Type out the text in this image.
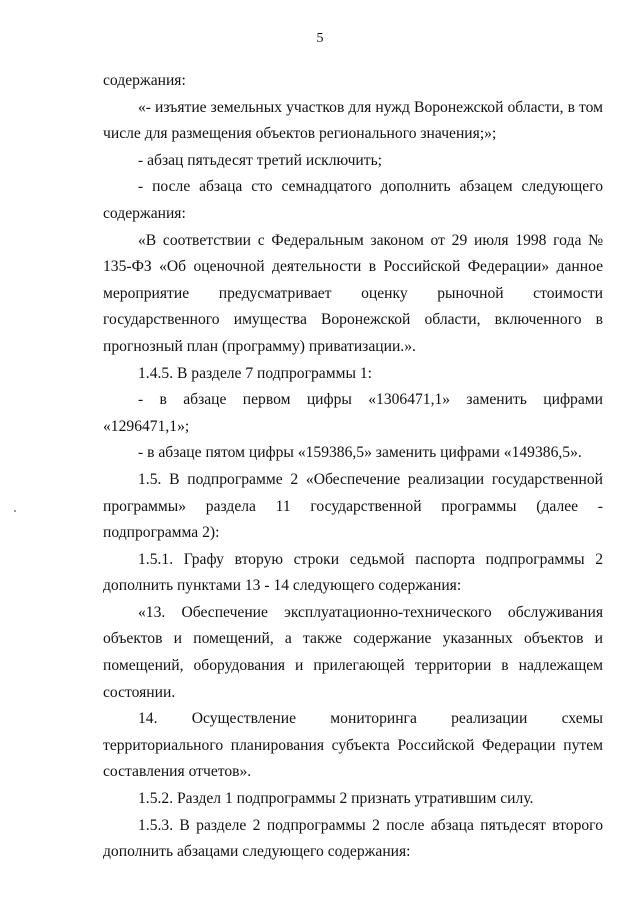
5

содержания:

«- изъятие земельных участков для нужд Воронежской области, в том числе для размещения объектов регионального значения;»;

- абзац пятьдесят третий исключить;

- после абзаца сто семнадцатого дополнить абзацем следующего содержания:

«В соответствии с Федеральным законом от 29 июля 1998 года № 135-ФЗ «Об оценочной деятельности в Российской Федерации» данное мероприятие предусматривает оценку рыночной стоимости государственного имущества Воронежской области, включенного в прогнозный план (программу) приватизации.».

1.4.5. В разделе 7 подпрограммы 1:

- в абзаце первом цифры «1306471,1» заменить цифрами «1296471,1»;

- в абзаце пятом цифры «159386,5» заменить цифрами «149386,5».

1.5. В подпрограмме 2 «Обеспечение реализации государственной программы» раздела 11 государственной программы (далее - подпрограмма 2):

1.5.1. Графу вторую строки седьмой паспорта подпрограммы 2 дополнить пунктами 13 - 14 следующего содержания:

«13. Обеспечение эксплуатационно-технического обслуживания объектов и помещений, а также содержание указанных объектов и помещений, оборудования и прилегающей территории в надлежащем состоянии.

14. Осуществление мониторинга реализации схемы территориального планирования субъекта Российской Федерации путем составления отчетов».

1.5.2. Раздел 1 подпрограммы 2 признать утратившим силу.

1.5.3. В разделе 2 подпрограммы 2 после абзаца пятьдесят второго дополнить абзацами следующего содержания:
